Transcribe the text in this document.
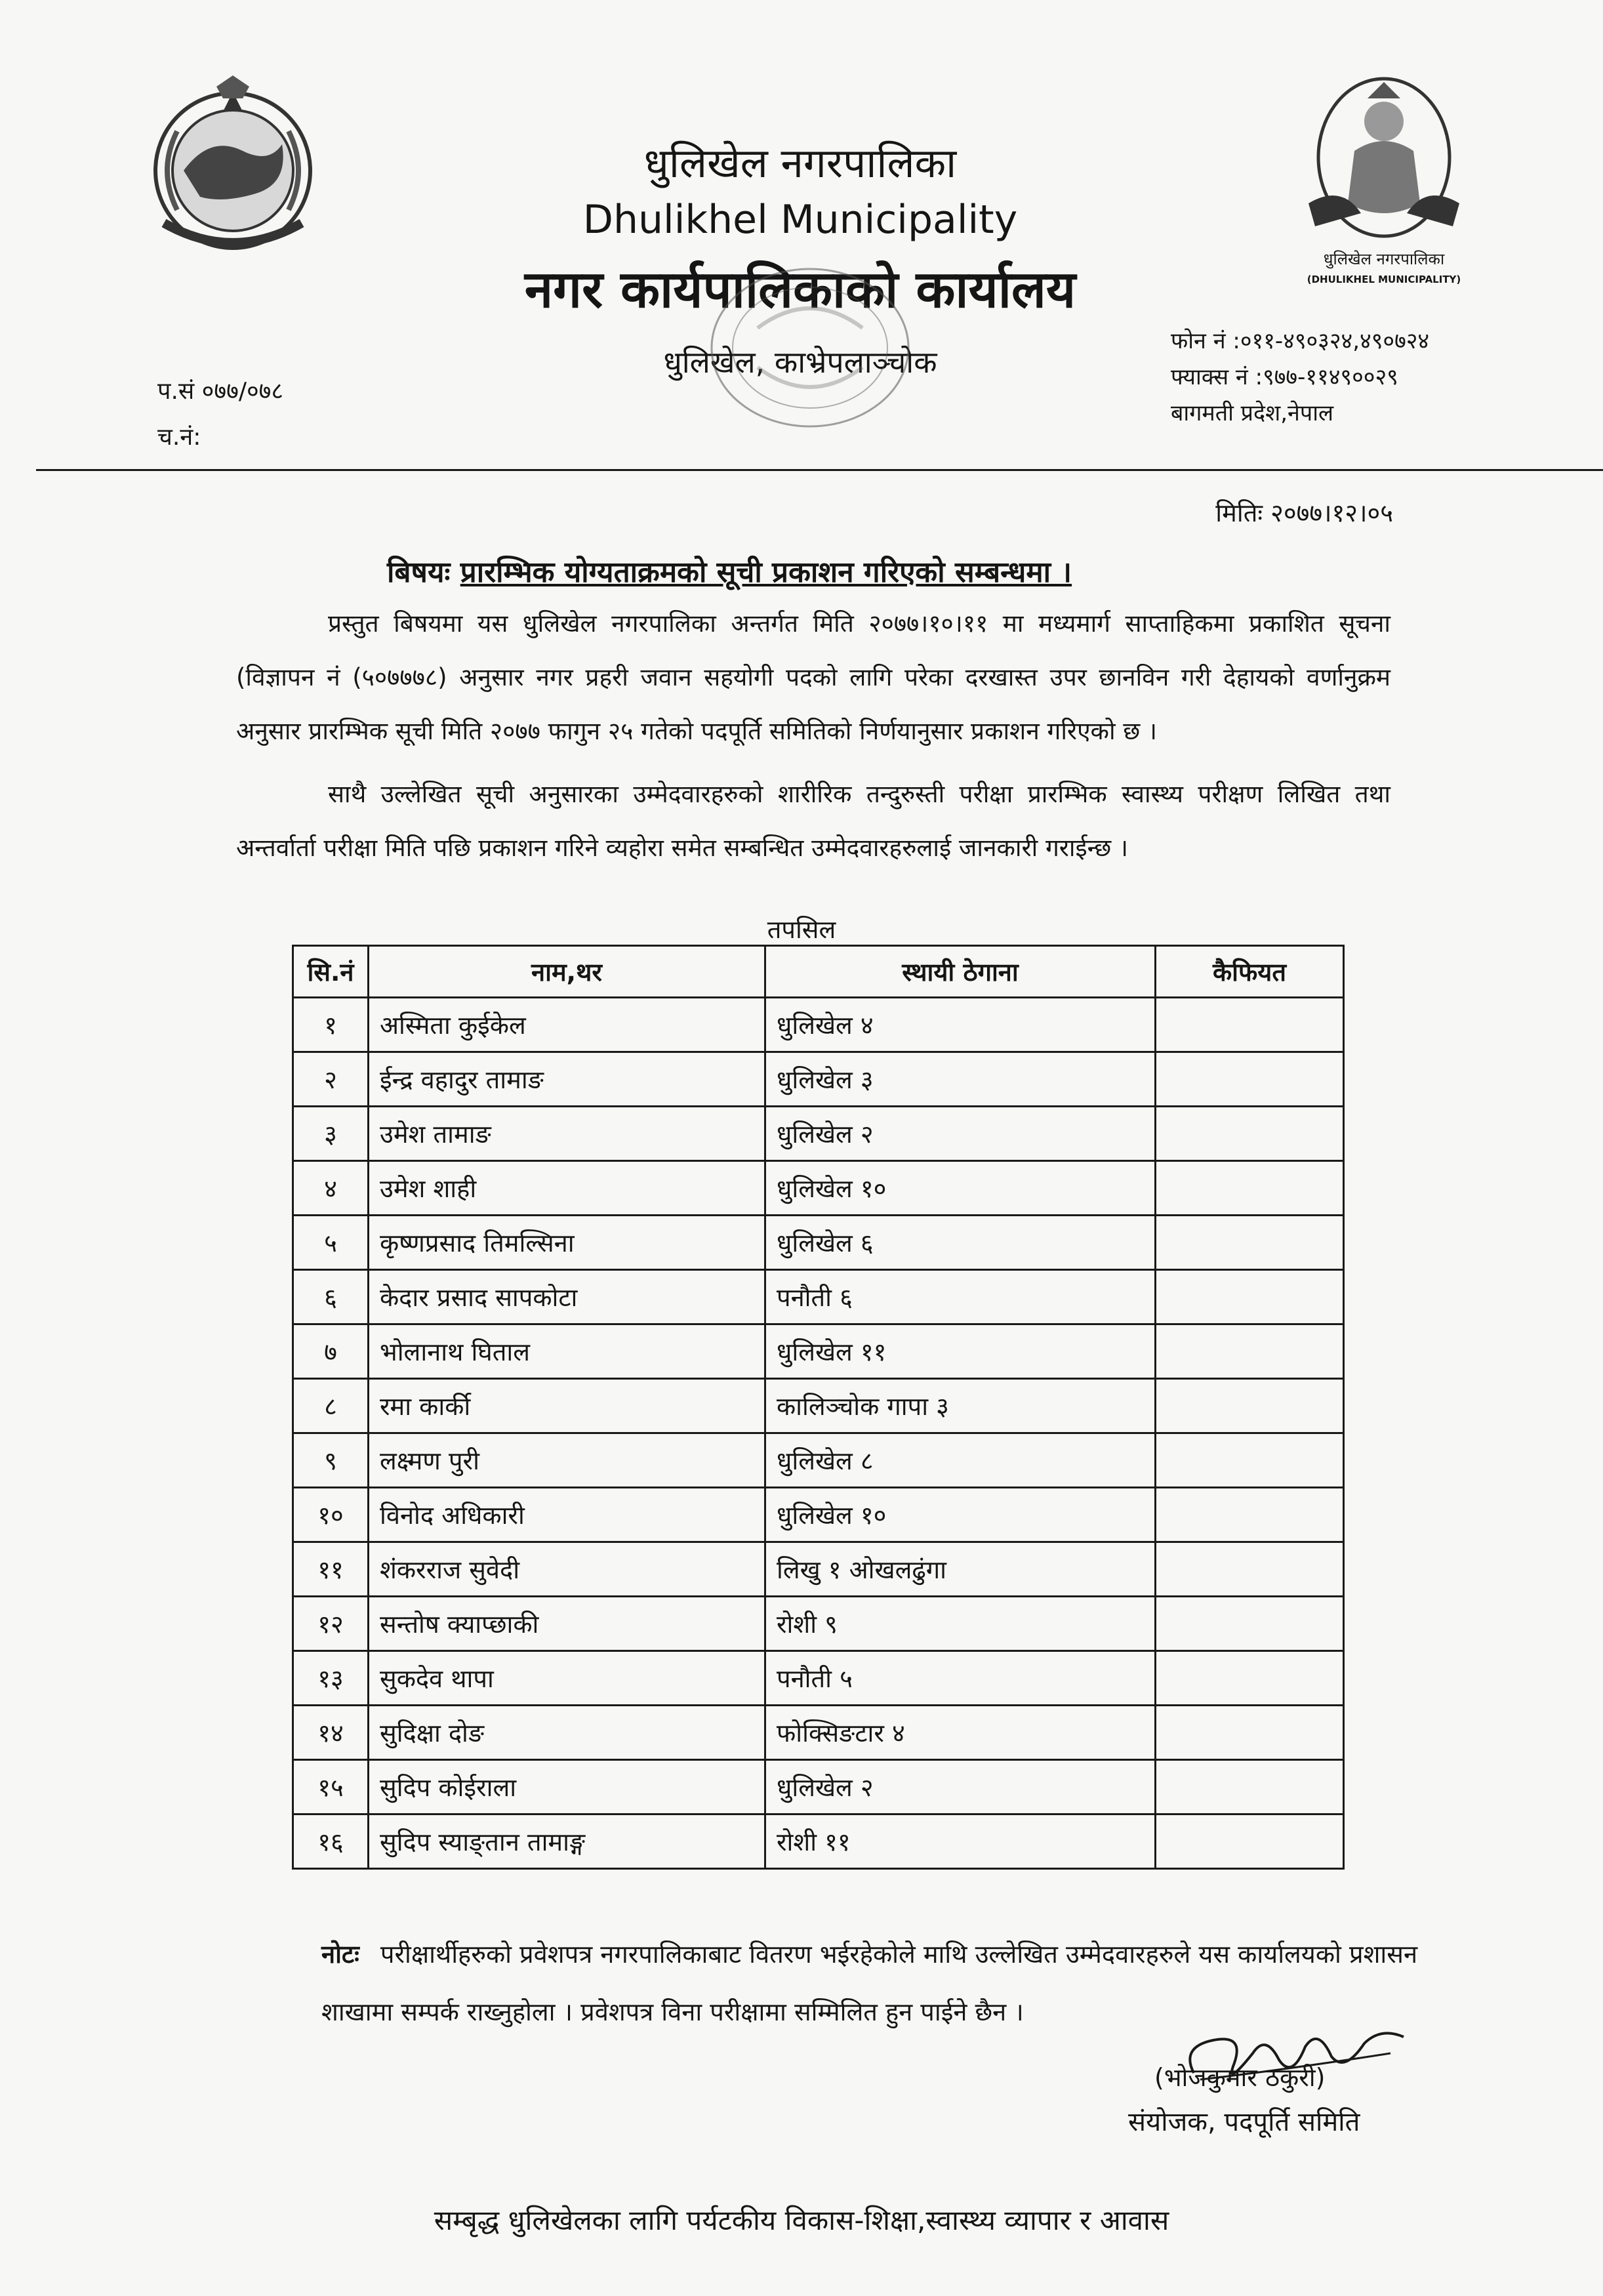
धुलिखेल नगरपालिका
Dhulikhel Municipality
नगर कार्यपालिकाको कार्यालय
धुलिखेल, काभ्रेपलाञ्चोक
धुलिखेल नगरपालिका
(DHULIKHEL MUNICIPALITY)
फोन नं :०११-४९०३२४,४९०७२४
फ्याक्स नं :९७७-११४९००२९
बागमती प्रदेश,नेपाल
प.सं ०७७/०७८
च.नं:
मितिः २०७७।१२।०५
बिषयः प्रारम्भिक योग्यताक्रमको सूची प्रकाशन गरिएको सम्बन्धमा ।
प्रस्तुत बिषयमा यस धुलिखेल नगरपालिका अन्तर्गत मिति २०७७।१०।११ मा मध्यमार्ग साप्ताहिकमा प्रकाशित सूचना (विज्ञापन नं (५०७७७८) अनुसार नगर प्रहरी जवान सहयोगी पदको लागि परेका दरखास्त उपर छानविन गरी देहायको वर्णानुक्रम अनुसार प्रारम्भिक सूची मिति २०७७ फागुन २५ गतेको पदपूर्ति समितिको निर्णयानुसार प्रकाशन गरिएको छ ।
साथै उल्लेखित सूची अनुसारका उम्मेदवारहरुको शारीरिक तन्दुरुस्ती परीक्षा प्रारम्भिक स्वास्थ्य परीक्षण लिखित तथा अन्तर्वार्ता परीक्षा मिति पछि प्रकाशन गरिने व्यहोरा समेत सम्बन्धित उम्मेदवारहरुलाई जानकारी गराईन्छ ।
तपसिल
सि.नं	नाम,थर	स्थायी ठेगाना	कैफियत
१	अस्मिता कुईकेल	धुलिखेल ४	
२	ईन्द्र वहादुर तामाङ	धुलिखेल ३	
३	उमेश तामाङ	धुलिखेल २	
४	उमेश शाही	धुलिखेल १०	
५	कृष्णप्रसाद तिमल्सिना	धुलिखेल ६	
६	केदार प्रसाद सापकोटा	पनौती ६	
७	भोलानाथ घिताल	धुलिखेल ११	
८	रमा कार्की	कालिञ्चोक गापा ३	
९	लक्ष्मण पुरी	धुलिखेल ८	
१०	विनोद अधिकारी	धुलिखेल १०	
११	शंकरराज सुवेदी	लिखु १ ओखलढुंगा	
१२	सन्तोष क्याप्छाकी	रोशी ९	
१३	सुकदेव थापा	पनौती ५	
१४	सुदिक्षा दोङ	फोक्सिङटार ४	
१५	सुदिप कोईराला	धुलिखेल २	
१६	सुदिप स्याङ्तान तामाङ्ग	रोशी ११	
नोटः परीक्षार्थीहरुको प्रवेशपत्र नगरपालिकाबाट वितरण भईरहेकोले माथि उल्लेखित उम्मेदवारहरुले यस कार्यालयको प्रशासन शाखामा सम्पर्क राख्नुहोला । प्रवेशपत्र विना परीक्षामा सम्मिलित हुन पाईने छैन ।
(भोजकुमार ठकुरी)
संयोजक, पदपूर्ति समिति
सम्बृद्ध धुलिखेलका लागि पर्यटकीय विकास-शिक्षा,स्वास्थ्य व्यापार र आवास
